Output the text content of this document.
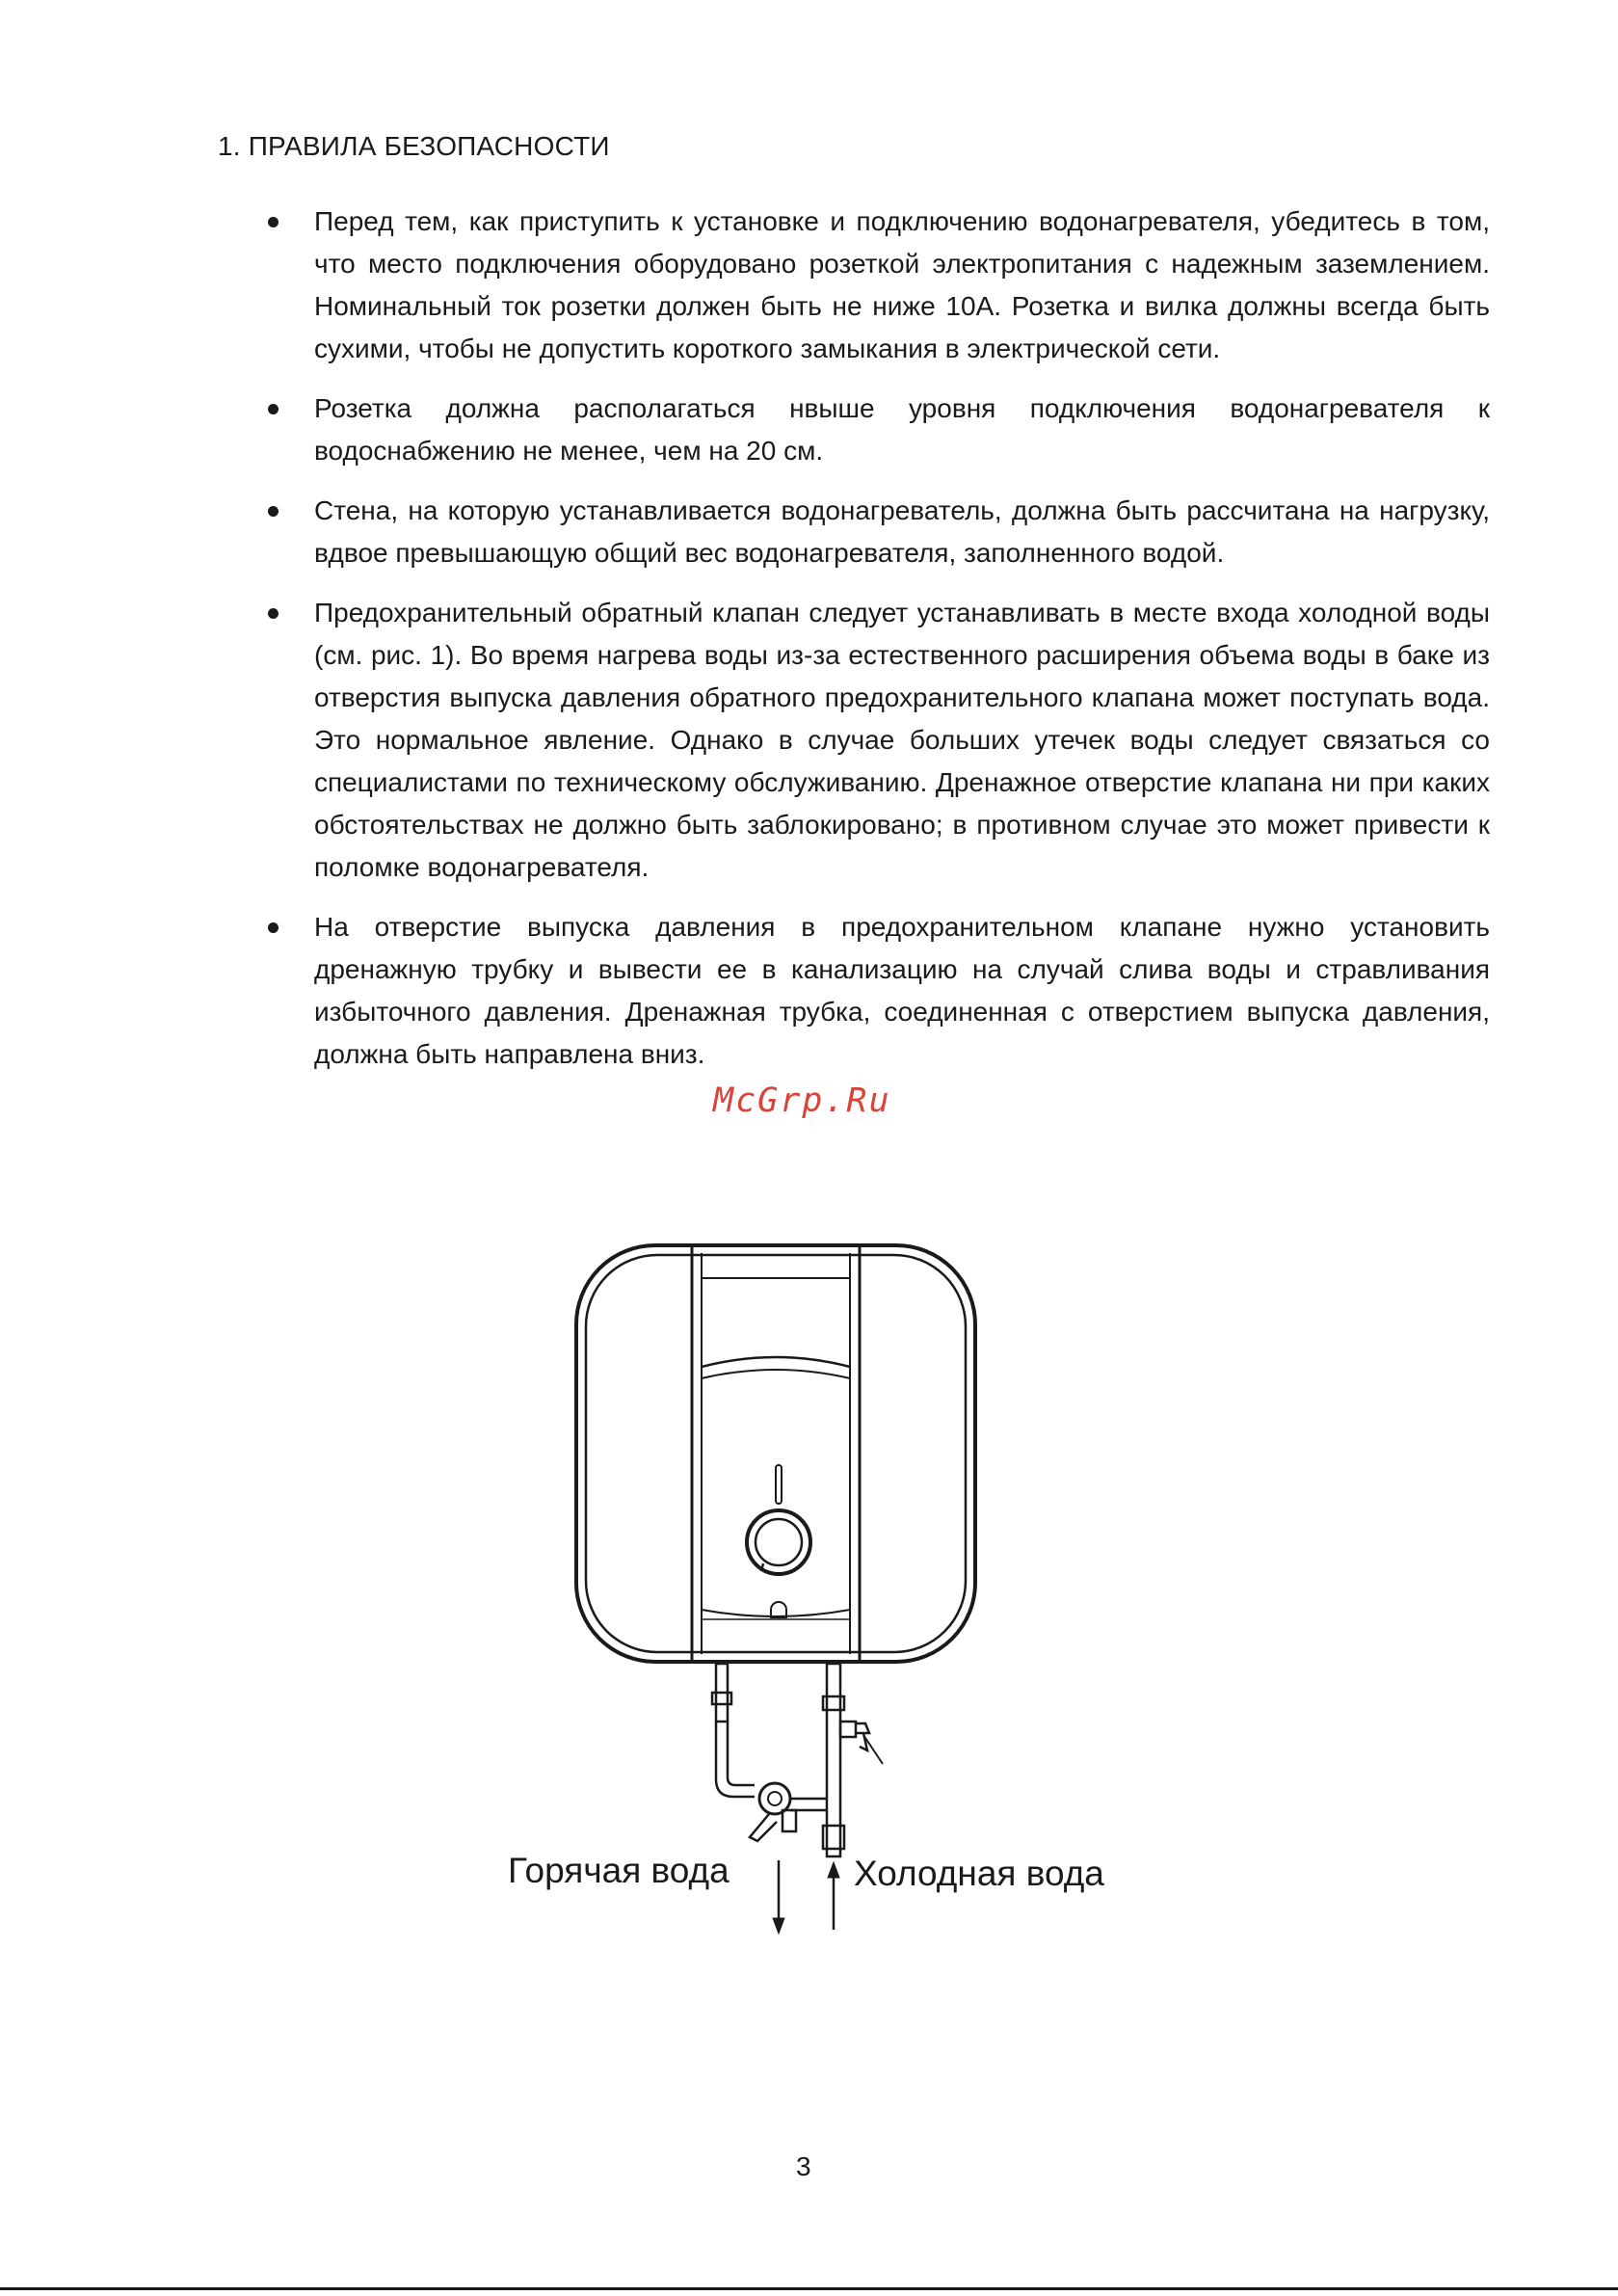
1. ПРАВИЛА БЕЗОПАСНОСТИ
Перед тем, как приступить к установке и подключению водонагревателя, убедитесь в том, что место подключения оборудовано розеткой электропитания с надежным заземлением. Номинальный ток розетки должен быть не ниже 10А. Розетка и вилка должны всегда быть сухими, чтобы не допустить короткого замыкания в электрической сети.
Розетка должна располагаться нвыше уровня подключения водонагревателя к водоснабжению не менее, чем на 20 см.
Стена, на которую устанавливается водонагреватель, должна быть рассчитана на нагрузку, вдвое превышающую общий вес водонагревателя, заполненного водой.
Предохранительный обратный клапан следует устанавливать в месте входа холодной воды (см. рис. 1). Во время нагрева воды из-за естественного расширения объема воды в баке из отверстия выпуска давления обратного предохранительного клапана может поступать вода. Это нормальное явление. Однако в случае больших утечек воды следует связаться со специалистами по техническому обслуживанию. Дренажное отверстие клапана ни при каких обстоятельствах не должно быть заблокировано; в противном случае это может привести к поломке водонагревателя.
На отверстие выпуска давления в предохранительном клапане нужно установить дренажную трубку и вывести ее в канализацию на случай слива воды и стравливания избыточного давления. Дренажная трубка, соединенная с отверстием выпуска давления, должна быть направлена вниз.
McGrp.Ru
Горячая вода	Холодная вода
3
